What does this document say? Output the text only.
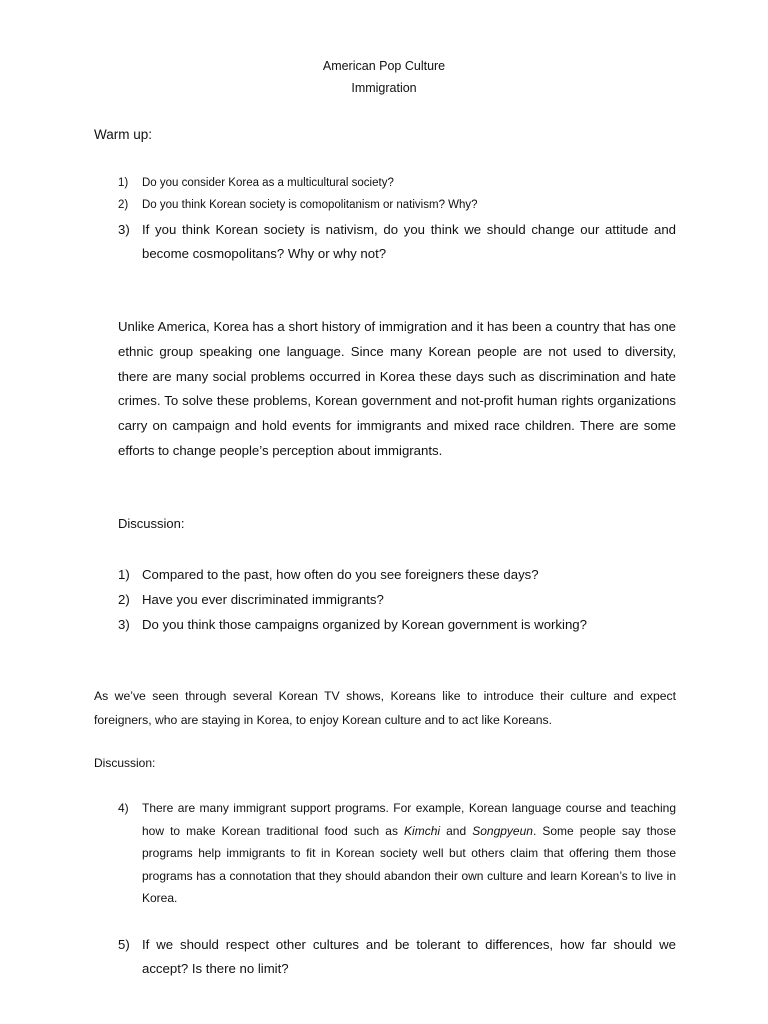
American Pop Culture
Immigration
Warm up:
1)	Do you consider Korea as a multicultural society?
2)	Do you think Korean society is comopolitanism or nativism? Why?
3) If you think Korean society is nativism, do you think we should change our attitude and become cosmopolitans? Why or why not?
Unlike America, Korea has a short history of immigration and it has been a country that has one ethnic group speaking one language. Since many Korean people are not used to diversity, there are many social problems occurred in Korea these days such as discrimination and hate crimes. To solve these problems, Korean government and not-profit human rights organizations carry on campaign and hold events for immigrants and mixed race children. There are some efforts to change people’s perception about immigrants.
Discussion:
1) Compared to the past, how often do you see foreigners these days?
2) Have you ever discriminated immigrants?
3) Do you think those campaigns organized by Korean government is working?
As we’ve seen through several Korean TV shows, Koreans like to introduce their culture and expect foreigners, who are staying in Korea, to enjoy Korean culture and to act like Koreans.
Discussion:
4)	There are many immigrant support programs. For example, Korean language course and teaching how to make Korean traditional food such as Kimchi and Songpyeun. Some people say those programs help immigrants to fit in Korean society well but others claim that offering them those programs has a connotation that they should abandon their own culture and learn Korean’s to live in Korea.
5) If we should respect other cultures and be tolerant to differences, how far should we accept? Is there no limit?
